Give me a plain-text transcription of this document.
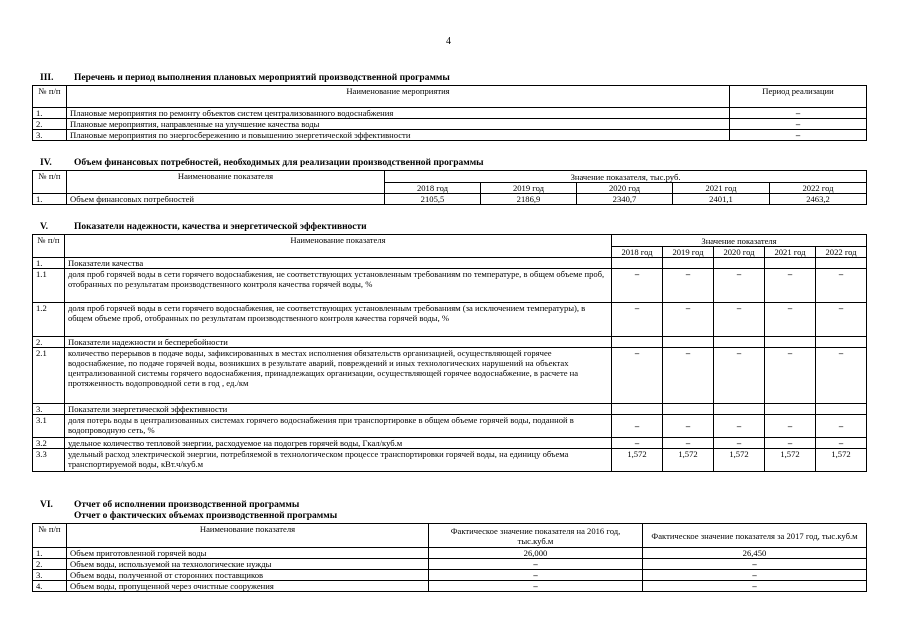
4
III. Перечень и период выполнения плановых мероприятий производственной программы
№ п/п	Наименование мероприятия	Период реализации
1.	Плановые мероприятия по ремонту объектов систем централизованного водоснабжения	–
2.	Плановые мероприятия, направленные на улучшение качества воды	–
3.	Плановые мероприятия по энергосбережению и повышению энергетической эффективности	–
IV. Объем финансовых потребностей, необходимых для реализации производственной программы
№ п/п	Наименование показателя	Значение показателя, тыс.руб.				
		2018 год	2019 год	2020 год	2021 год	2022 год
1.	Объем финансовых потребностей	2105,5	2186,9	2340,7	2401,1	2463,2
V.	Показатели надежности, качества и энергетической эффективности
№ п/п	Наименование показателя	Значение показателя				
		2018 год	2019 год	2020 год	2021 год	2022 год
1.	Показатели качества					
1.1	доля проб горячей воды в сети горячего водоснабжения, не соответствующих установленным требованиям по температуре, в общем объеме проб, отобранных по результатам производственного контроля качества горячей воды, %	–	–	–	–	–
1.2	доля проб горячей воды в сети горячего водоснабжения, не соответствующих установленным требованиям (за исключением температуры), в общем объеме проб, отобранных по результатам производственного контроля качества горячей воды, %	–	–	–	–	–
2.	Показатели надежности и бесперебойности					
2.1	количество перерывов в подаче воды, зафиксированных в местах исполнения обязательств организацией, осуществляющей горячее водоснабжение, по подаче горячей воды, возникших в результате аварий, повреждений и иных технологических нарушений на объектах централизованной системы горячего водоснабжения, принадлежащих организации, осуществляющей горячее водоснабжение, в расчете на протяженность водопроводной сети в год , ед./км	–	–	–	–	–
3.	Показатели энергетической эффективности					
3.1	доля потерь воды в централизованных системах горячего водоснабжения при транспортировке в общем объеме горячей воды, поданной в водопроводную сеть, %	–	–	–	–	–
3.2	удельное количество тепловой энергии, расходуемое на подогрев горячей воды, Гкал/куб.м	–	–	–	–	–
3.3	удельный расход электрической энергии, потребляемой в технологическом процессе транспортировки горячей воды, на единицу объема транспортируемой воды, кВт.ч/куб.м	1,572	1,572	1,572	1,572	1,572
VI. Отчет об исполнении производственной программы
Отчет о фактических объемах производственной программы
№ п/п	Наименование показателя	Фактическое значение показателя на 2016 год, тыс.куб.м	Фактическое значение показателя за 2017 год, тыс.куб.м
1.	Объем приготовленной горячей воды	26,000	26,450
2.	Объем воды, используемой на технологические нужды	–	–
3.	Объем воды, полученной от сторонних поставщиков	–	–
4.	Объем воды, пропущенной через очистные сооружения	–	–
